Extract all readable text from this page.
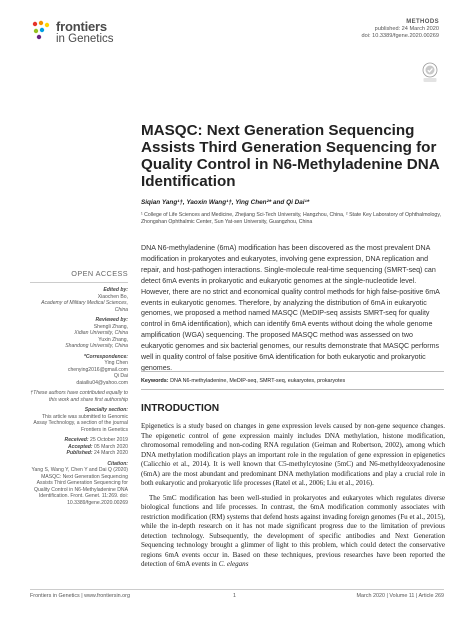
frontiers
in Genetics
METHODS
published: 24 March 2020
doi: 10.3389/fgene.2020.00269
MASQC: Next Generation Sequencing Assists Third Generation Sequencing for Quality Control in N6-Methyladenine DNA Identification
Siqian Yang¹†, Yaoxin Wang¹†, Ying Chen²* and Qi Dai¹*
¹ College of Life Sciences and Medicine, Zhejiang Sci-Tech University, Hangzhou, China, ² State Key Laboratory of Ophthalmology, Zhongshan Ophthalmic Center, Sun Yat-sen University, Guangzhou, China
DNA N6-methyladenine (6mA) modification has been discovered as the most prevalent DNA modification in prokaryotes and eukaryotes, involving gene expression, DNA replication and repair, and host-pathogen interactions. Single-molecule real-time sequencing (SMRT-seq) can detect 6mA events in prokaryotic and eukaryotic genomes at the single-nucleotide level. However, there are no strict and economical quality control methods for high false-positive 6mA events in eukaryotic genomes. Therefore, by analyzing the distribution of 6mA in eukaryotic genomes, we proposed a method named MASQC (MeDIP-seq assists SMRT-seq for quality control in 6mA identification), which can identify 6mA events without doing the whole genome amplification (WGA) sequencing. The proposed MASQC method was assessed on two eukaryotic genomes and six bacterial genomes, our results demonstrate that MASQC performs well in quality control of false positive 6mA identification for both eukaryotic and prokaryotic genomes.
Keywords: DNA N6-methyladenine, MeDIP-seq, SMRT-seq, eukaryotes, prokaryotes
INTRODUCTION

Epigenetics is a study based on changes in gene expression levels caused by non-gene sequence changes. The epigenetic control of gene expression mainly includes DNA methylation, histone modification, chromosomal remodeling and non-coding RNA regulation (Geiman and Robertson, 2002), among which DNA methylation modification plays an important role in the regulation of gene expression in epigenetics (Calicchio et al., 2014). It is well known that C5-methylcytosine (5mC) and N6-methyldeoxyadenosine (6mA) are the most abundant and predominant DNA methylation modifications and play a crucial role in both eukaryotic and prokaryotic life processes (Ratel et al., 2006; Liu et al., 2016).

The 5mC modification has been well-studied in prokaryotes and eukaryotes which regulates diverse biological functions and life processes. In contrast, the 6mA modification commonly associates with restriction modification (RM) systems that defend hosts against invading foreign genomes (Fu et al., 2015), while the in-depth research on it has not made significant progress due to the limitation of previous detection technology. Subsequently, the development of specific antibodies and Next Generation Sequencing technology brought a glimmer of light to this problem, which could detect the conservative regions 6mA events occur in. Based on these techniques, previous researches have been reported the detection of 6mA events in C. elegans

OPEN ACCESS
Edited by:
Xiaochen Bo,
Academy of Military Medical Sciences, China
Reviewed by:
Shengli Zhang,
Xidian University, China
Yuxin Zhang,
Shandong University, China
*Correspondence:
Ying Chen
chenying2016@gmail.com
Qi Dai
daiailiu04@yahoo.com
†These authors have contributed equally to this work and share first authorship
Specialty section:
This article was submitted to Genomic Assay Technology, a section of the journal Frontiers in Genetics
Received: 25 October 2019
Accepted: 05 March 2020
Published: 24 March 2020
Citation:
Yang S, Wang Y, Chen Y and Dai Q (2020) MASQC: Next Generation Sequencing Assists Third Generation Sequencing for Quality Control in N6-Methyladenine DNA Identification. Front. Genet. 11:269. doi: 10.3389/fgene.2020.00269
Frontiers in Genetics | www.frontiersin.org	1	March 2020 | Volume 11 | Article 269
